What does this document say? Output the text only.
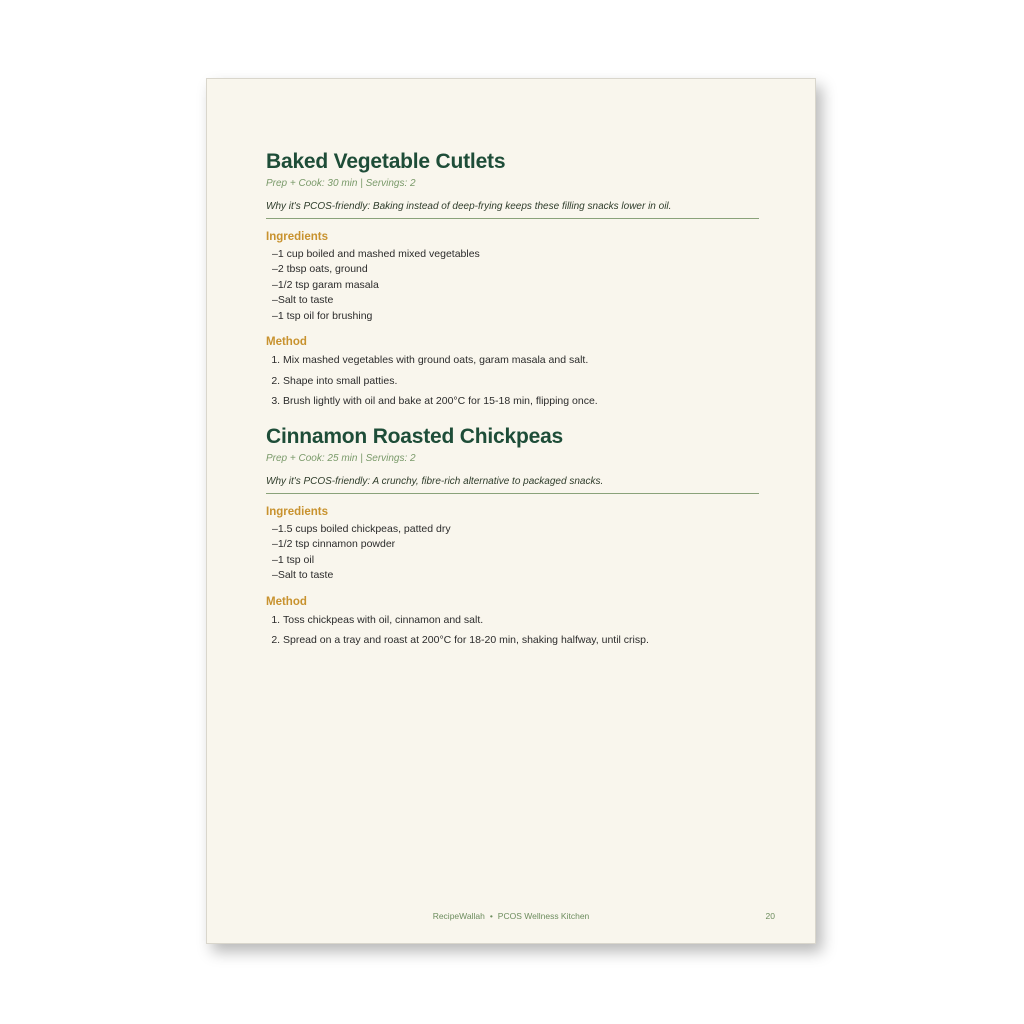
Baked Vegetable Cutlets
Prep + Cook: 30 min | Servings: 2
Why it's PCOS-friendly: Baking instead of deep-frying keeps these filling snacks lower in oil.
Ingredients
– 1 cup boiled and mashed mixed vegetables
– 2 tbsp oats, ground
– 1/2 tsp garam masala
– Salt to taste
– 1 tsp oil for brushing
Method
1. Mix mashed vegetables with ground oats, garam masala and salt.
2. Shape into small patties.
3. Brush lightly with oil and bake at 200°C for 15-18 min, flipping once.
Cinnamon Roasted Chickpeas
Prep + Cook: 25 min | Servings: 2
Why it's PCOS-friendly: A crunchy, fibre-rich alternative to packaged snacks.
Ingredients
– 1.5 cups boiled chickpeas, patted dry
– 1/2 tsp cinnamon powder
– 1 tsp oil
– Salt to taste
Method
1. Toss chickpeas with oil, cinnamon and salt.
2. Spread on a tray and roast at 200°C for 18-20 min, shaking halfway, until crisp.
RecipeWallah • PCOS Wellness Kitchen	20
